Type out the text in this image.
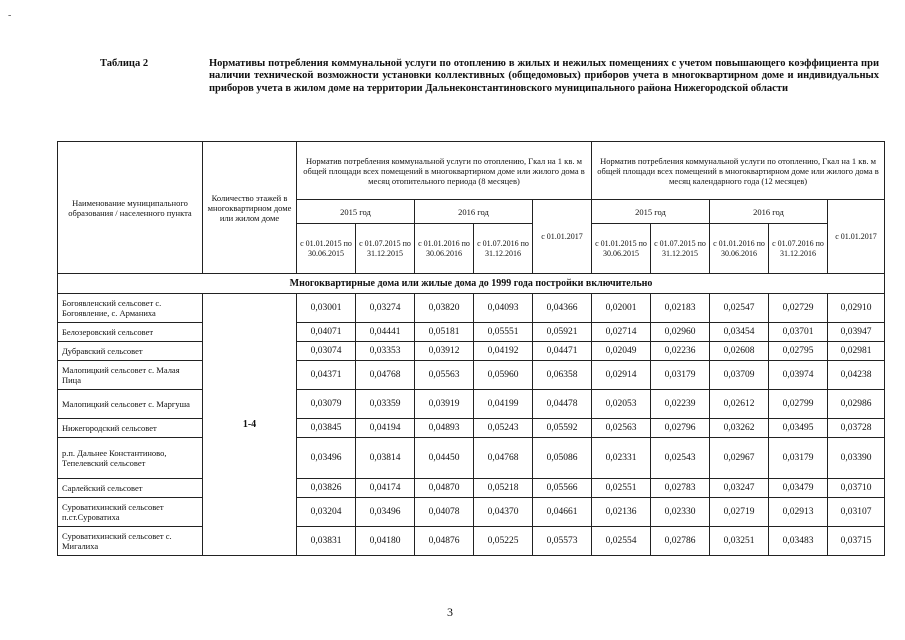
-
Таблица 2	Нормативы потребления коммунальной услуги по отоплению в жилых и нежилых помещениях с учетом повышающего коэффициента при наличии технической возможности установки коллективных (общедомовых) приборов учета в многоквартирном доме и индивидуальных приборов учета в жилом доме на территории Дальнеконстантиновского муниципального района Нижегородской области
Наименование муниципального образования / населенного пункта	Количество этажей в многоквартирном доме или жилом доме	Норматив потребления коммунальной услуги по отоплению, Гкал на 1 кв. м общей площади всех помещений в многоквартирном доме или жилого дома в месяц отопительного периода (8 месяцев)					Норматив потребления коммунальной услуги по отоплению, Гкал на 1 кв. м общей площади всех помещений в многоквартирном доме или жилого дома в месяц календарного года (12 месяцев)				
		2015 год		2016 год		с 01.01.2017	2015 год		2016 год		с 01.01.2017
		с 01.01.2015 по 30.06.2015	с 01.07.2015 по 31.12.2015	с 01.01.2016 по 30.06.2016	с 01.07.2016 по 31.12.2016		с 01.01.2015 по 30.06.2015	с 01.07.2015 по 31.12.2015	с 01.01.2016 по 30.06.2016	с 01.07.2016 по 31.12.2016	
Многоквартирные дома или жилые дома до 1999 года постройки включительно											
Богоявленский сельсовет с. Богоявление, с. Арманиха	1-4	0,03001	0,03274	0,03820	0,04093	0,04366	0,02001	0,02183	0,02547	0,02729	0,02910
Белозеровский сельсовет		0,04071	0,04441	0,05181	0,05551	0,05921	0,02714	0,02960	0,03454	0,03701	0,03947
Дубравский сельсовет		0,03074	0,03353	0,03912	0,04192	0,04471	0,02049	0,02236	0,02608	0,02795	0,02981
Малопицкий сельсовет с. Малая Пица		0,04371	0,04768	0,05563	0,05960	0,06358	0,02914	0,03179	0,03709	0,03974	0,04238
Малопицкий сельсовет с. Маргуша		0,03079	0,03359	0,03919	0,04199	0,04478	0,02053	0,02239	0,02612	0,02799	0,02986
Нижегородский сельсовет		0,03845	0,04194	0,04893	0,05243	0,05592	0,02563	0,02796	0,03262	0,03495	0,03728
р.п. Дальнее Константиново, Тепелевский сельсовет		0,03496	0,03814	0,04450	0,04768	0,05086	0,02331	0,02543	0,02967	0,03179	0,03390
Сарлейский сельсовет		0,03826	0,04174	0,04870	0,05218	0,05566	0,02551	0,02783	0,03247	0,03479	0,03710
Суроватихинский сельсовет п.ст.Суроватиха		0,03204	0,03496	0,04078	0,04370	0,04661	0,02136	0,02330	0,02719	0,02913	0,03107
Суроватихинский сельсовет с. Мигалиха		0,03831	0,04180	0,04876	0,05225	0,05573	0,02554	0,02786	0,03251	0,03483	0,03715
3
